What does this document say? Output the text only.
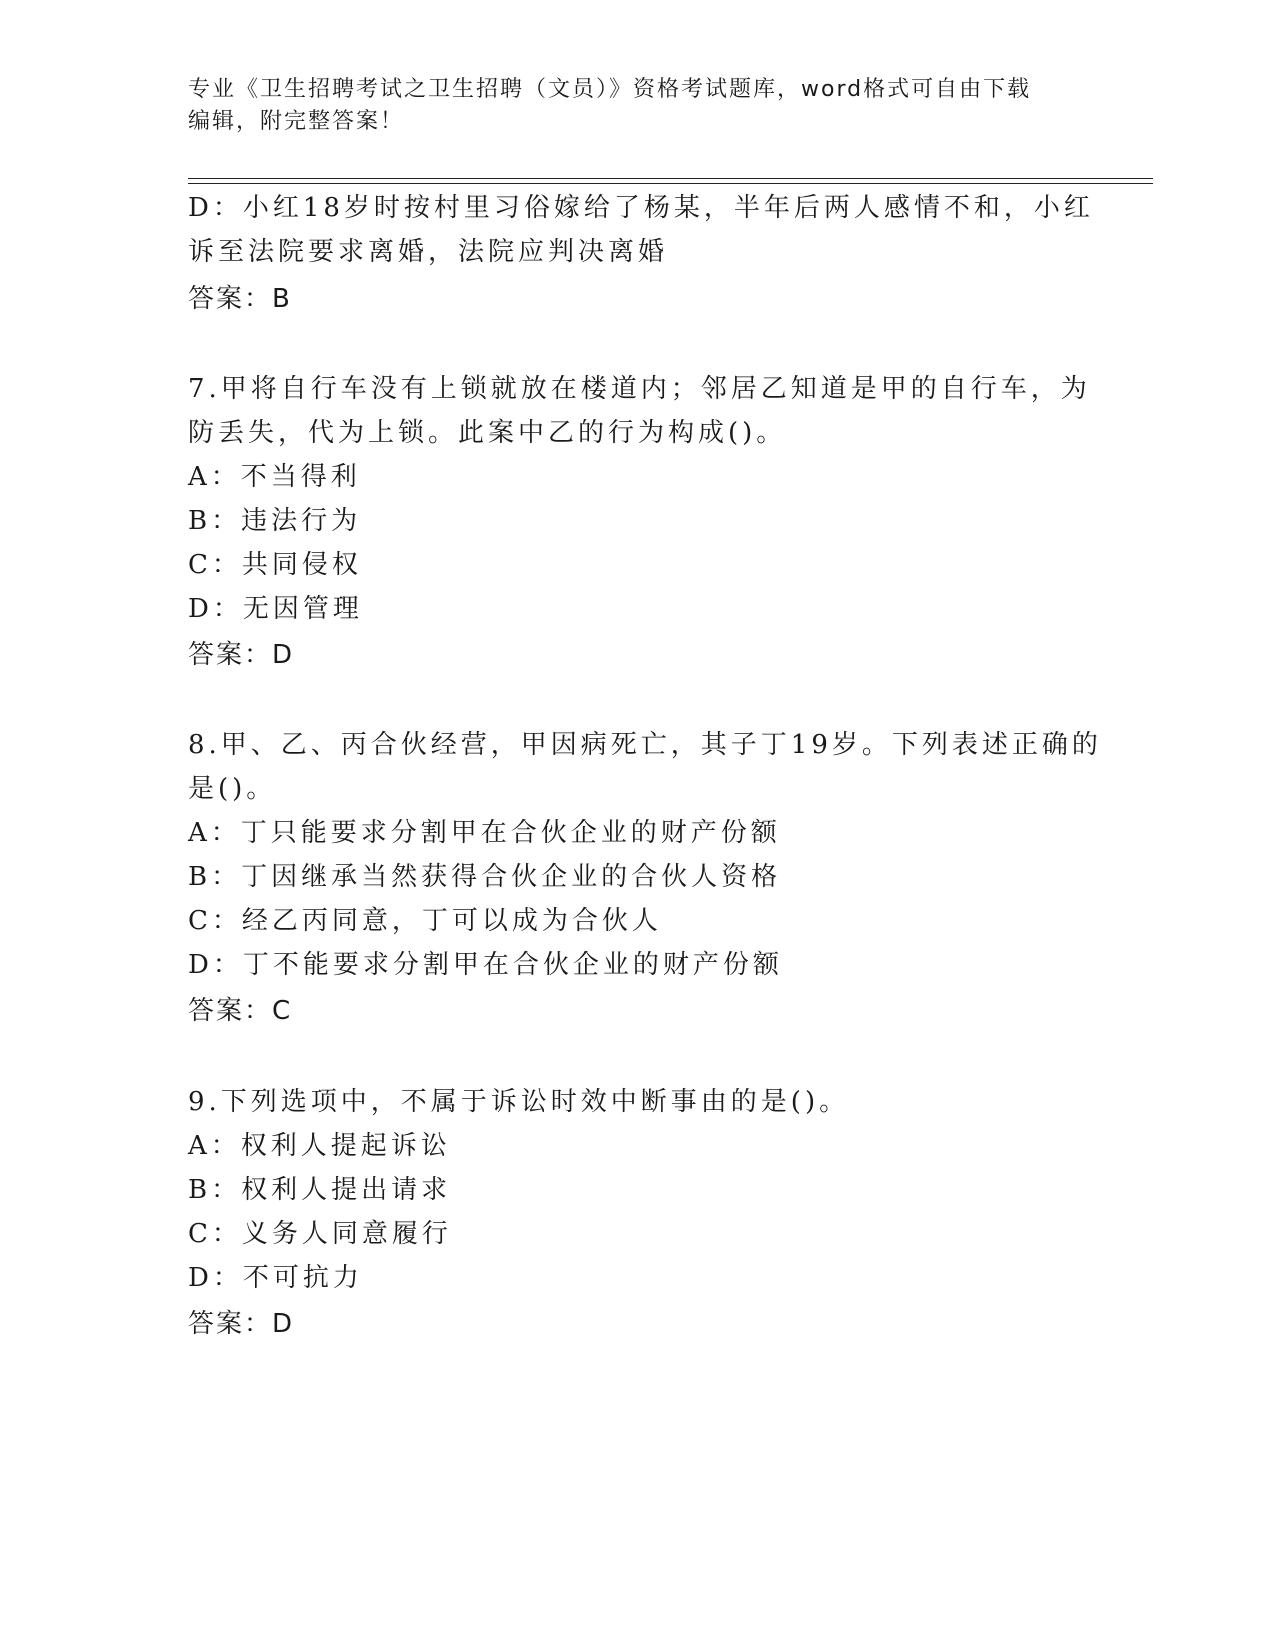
专业《卫生招聘考试之卫生招聘（文员）》资格考试题库，word格式可自由下载
编辑，附完整答案！
D：小红18岁时按村里习俗嫁给了杨某，半年后两人感情不和，小红
诉至法院要求离婚，法院应判决离婚
答案：B
7.甲将自行车没有上锁就放在楼道内；邻居乙知道是甲的自行车，为
防丢失，代为上锁。此案中乙的行为构成()。
A：不当得利
B：违法行为
C：共同侵权
D：无因管理
答案：D
8.甲、乙、丙合伙经营，甲因病死亡，其子丁19岁。下列表述正确的
是()。
A：丁只能要求分割甲在合伙企业的财产份额
B：丁因继承当然获得合伙企业的合伙人资格
C：经乙丙同意，丁可以成为合伙人
D：丁不能要求分割甲在合伙企业的财产份额
答案：C
9.下列选项中，不属于诉讼时效中断事由的是()。
A：权利人提起诉讼
B：权利人提出请求
C：义务人同意履行
D：不可抗力
答案：D
